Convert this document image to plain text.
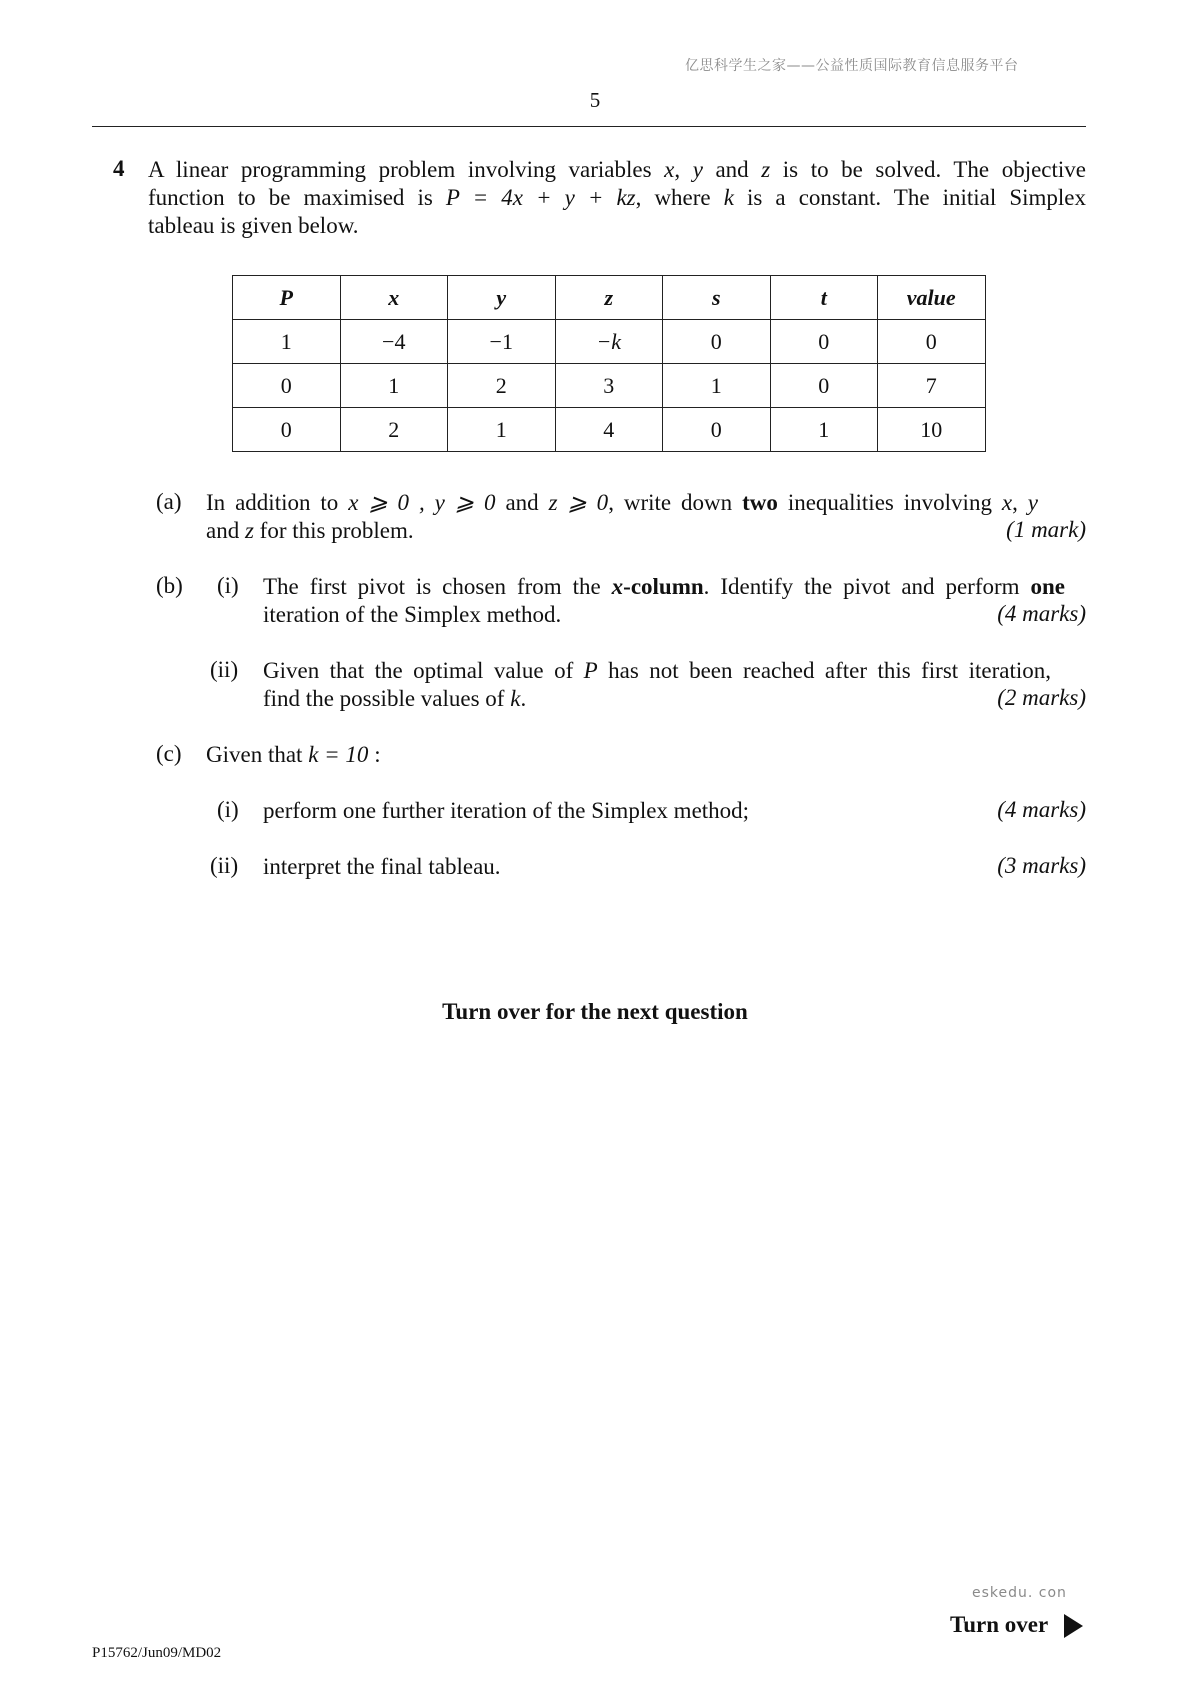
亿思科学生之家——公益性质国际教育信息服务平台
5
4 A linear programming problem involving variables x, y and z is to be solved. The objective
function to be maximised is P = 4x + y + kz, where k is a constant. The initial Simplex
tableau is given below.
P	x	y	z	s	t	value
1	−4	−1	−k	0	0	0
0	1	2	3	1	0	7
0	2	1	4	0	1	10
(a) In addition to x ⩾ 0 , y ⩾ 0 and z ⩾ 0, write down two inequalities involving x, y
and z for this problem.	(1 mark)
(b) (i) The first pivot is chosen from the x-column. Identify the pivot and perform one
iteration of the Simplex method.	(4 marks)
(ii) Given that the optimal value of P has not been reached after this first iteration,
find the possible values of k.	(2 marks)
(c) Given that k = 10 :
(i) perform one further iteration of the Simplex method;	(4 marks)
(ii) interpret the final tableau.	(3 marks)
Turn over for the next question
eskedu. con
Turn over
P15762/Jun09/MD02
